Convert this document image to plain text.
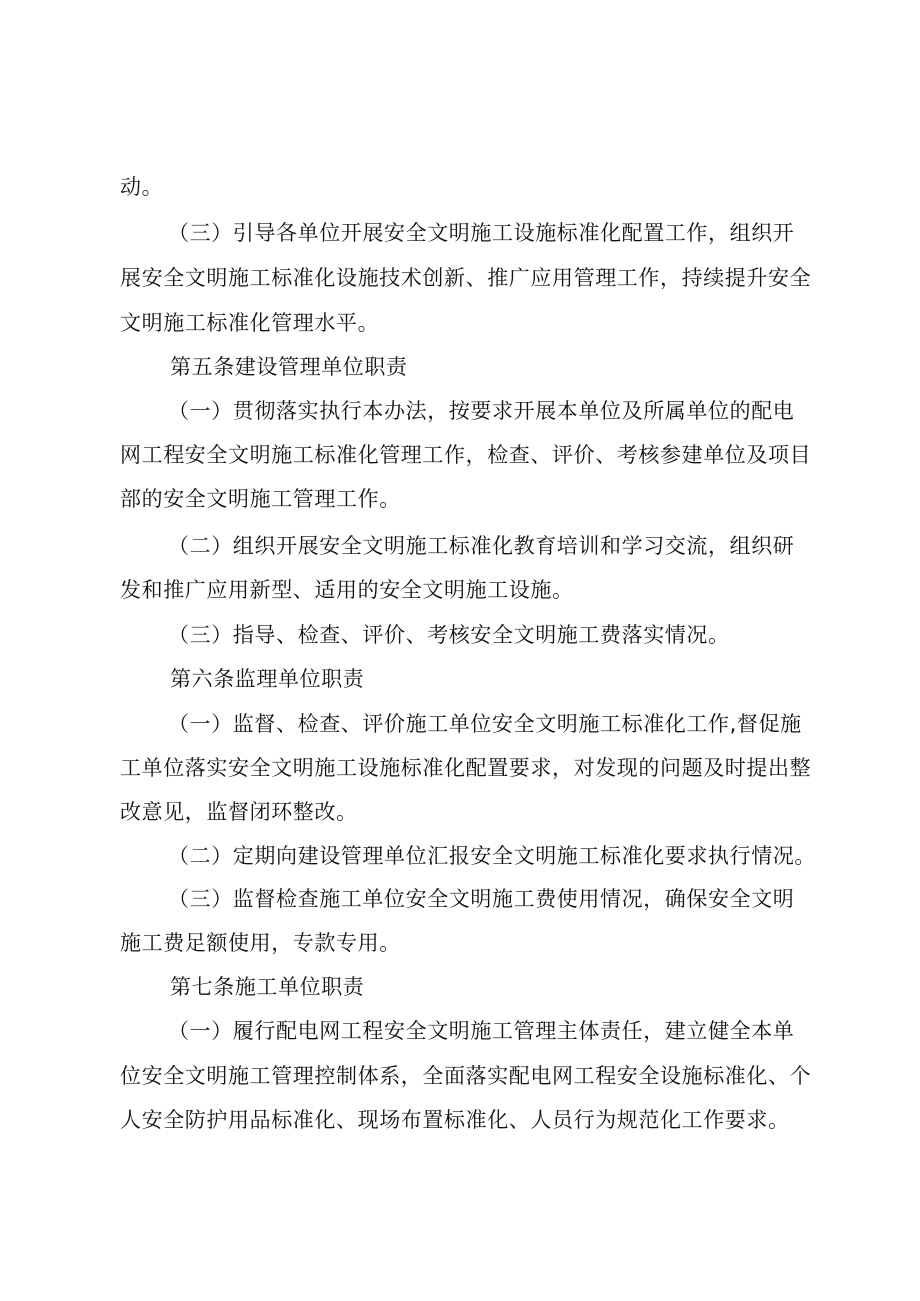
动。
（三）引导各单位开展安全文明施工设施标准化配置工作，组织开
展安全文明施工标准化设施技术创新、推广应用管理工作，持续提升安全
文明施工标准化管理水平。
第五条建设管理单位职责
（一）贯彻落实执行本办法，按要求开展本单位及所属单位的配电
网工程安全文明施工标准化管理工作，检查、评价、考核参建单位及项目
部的安全文明施工管理工作。
（二）组织开展安全文明施工标准化教育培训和学习交流，组织研
发和推广应用新型、适用的安全文明施工设施。
（三）指导、检查、评价、考核安全文明施工费落实情况。
第六条监理单位职责
（一）监督、检查、评价施工单位安全文明施工标准化工作,督促施
工单位落实安全文明施工设施标准化配置要求，对发现的问题及时提出整
改意见，监督闭环整改。
（二）定期向建设管理单位汇报安全文明施工标准化要求执行情况。
（三）监督检查施工单位安全文明施工费使用情况，确保安全文明
施工费足额使用，专款专用。
第七条施工单位职责
（一）履行配电网工程安全文明施工管理主体责任，建立健全本单
位安全文明施工管理控制体系，全面落实配电网工程安全设施标准化、个
人安全防护用品标准化、现场布置标准化、人员行为规范化工作要求。
